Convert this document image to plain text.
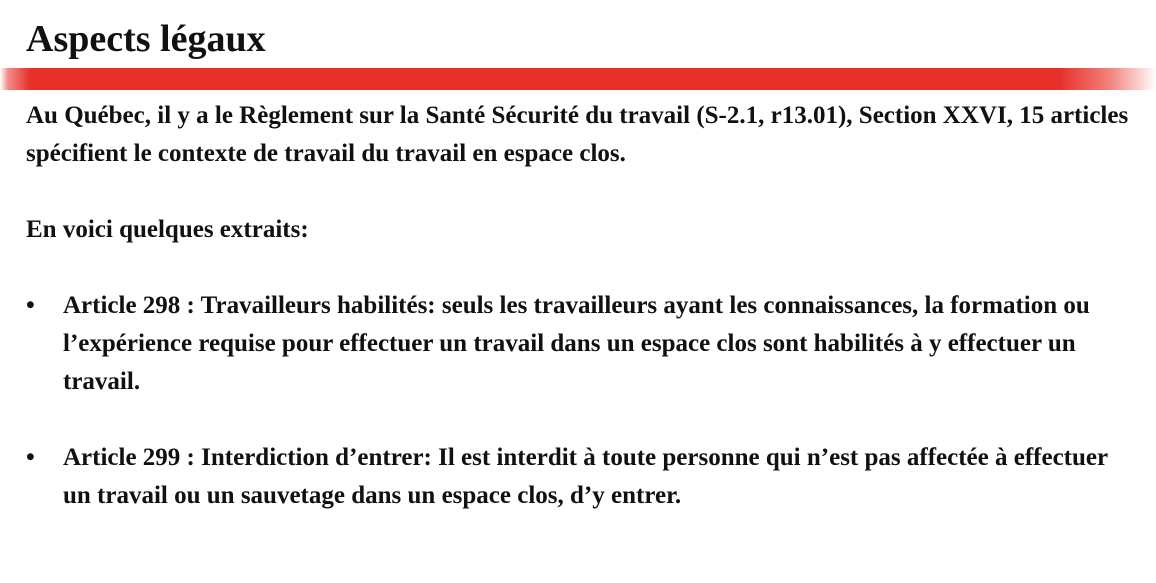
Aspects légaux

Au Québec, il y a le Règlement sur la Santé Sécurité du travail (S-2.1, r13.01), Section XXVI, 15 articles spécifient le contexte de travail du travail en espace clos.

En voici quelques extraits:

• Article 298 : Travailleurs habilités: seuls les travailleurs ayant les connaissances, la formation ou l’expérience requise pour effectuer un travail dans un espace clos sont habilités à y effectuer un travail.
• Article 299 : Interdiction d’entrer: Il est interdit à toute personne qui n’est pas affectée à effectuer un travail ou un sauvetage dans un espace clos, d’y entrer.
